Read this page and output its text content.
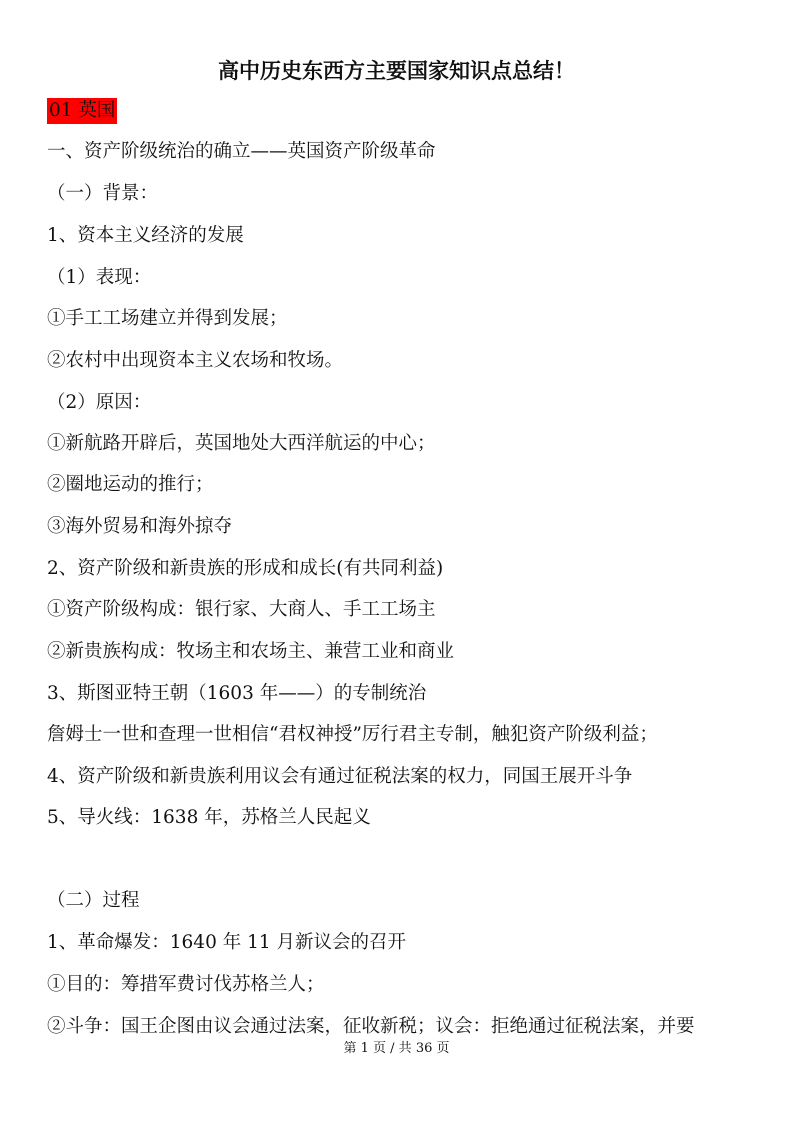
高中历史东西方主要国家知识点总结！
01 英国
一、资产阶级统治的确立——英国资产阶级革命
（一）背景：
1、资本主义经济的发展
（1）表现：
①手工工场建立并得到发展；
②农村中出现资本主义农场和牧场。
（2）原因：
①新航路开辟后，英国地处大西洋航运的中心；
②圈地运动的推行；
③海外贸易和海外掠夺
2、资产阶级和新贵族的形成和成长(有共同利益)
①资产阶级构成：银行家、大商人、手工工场主
②新贵族构成：牧场主和农场主、兼营工业和商业
3、斯图亚特王朝（1603 年——）的专制统治
詹姆士一世和查理一世相信“君权神授”厉行君主专制，触犯资产阶级利益；
4、资产阶级和新贵族利用议会有通过征税法案的权力，同国王展开斗争
5、导火线：1638 年，苏格兰人民起义
（二）过程
1、革命爆发：1640 年 11 月新议会的召开
①目的：筹措军费讨伐苏格兰人；
②斗争：国王企图由议会通过法案，征收新税；议会：拒绝通过征税法案，并要
第 1 页 / 共 36 页
